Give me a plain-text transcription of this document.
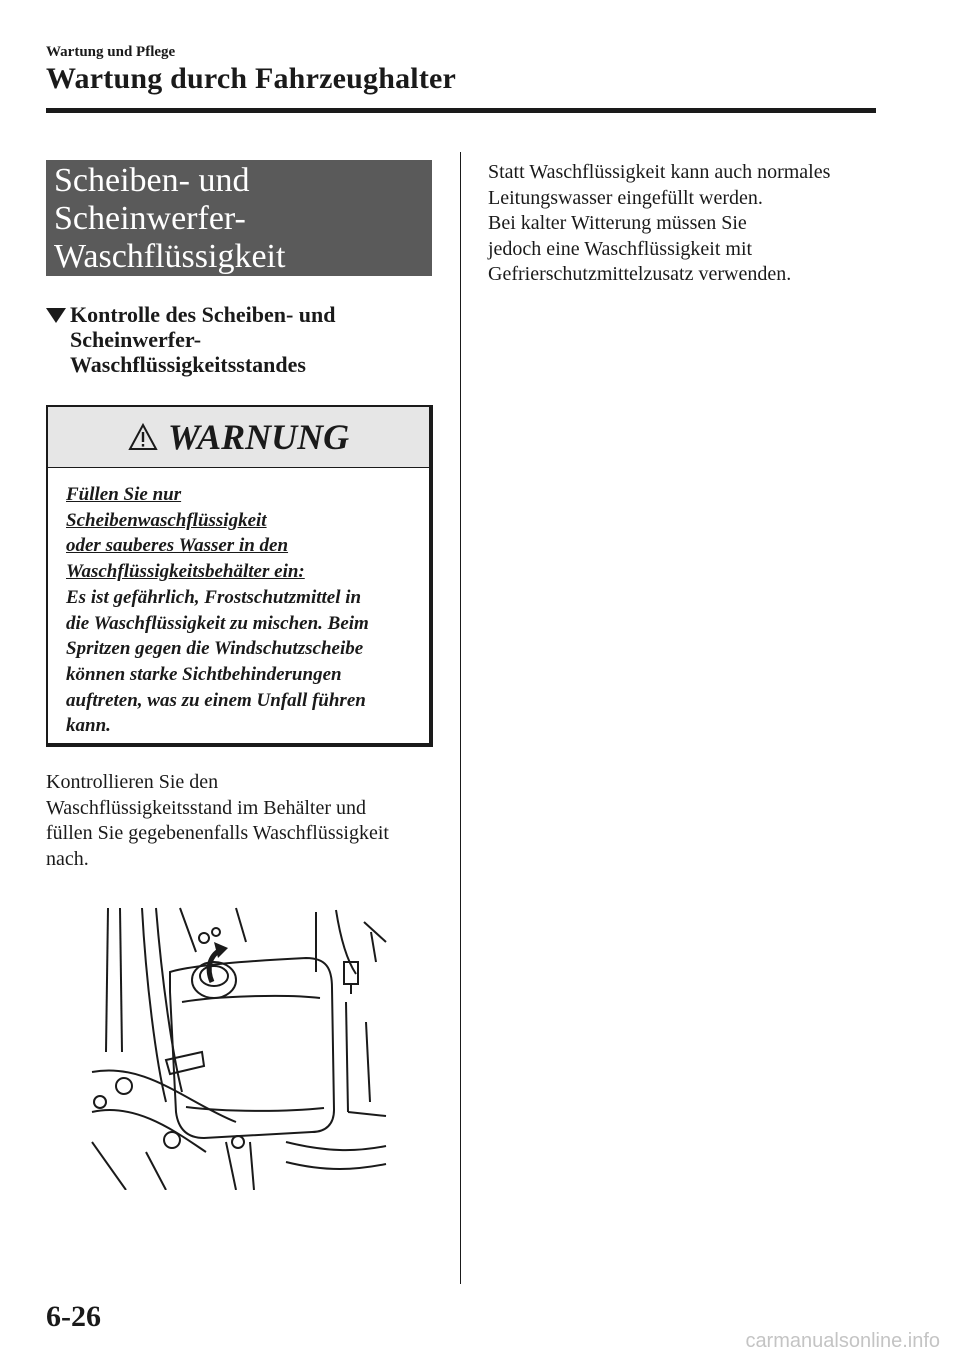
Wartung und Pflege
Wartung durch Fahrzeughalter
Scheiben- und
Scheinwerfer-
Waschflüssigkeit
Kontrolle des Scheiben- und
Scheinwerfer-
Waschflüssigkeitsstandes
WARNUNG
Füllen Sie nur
Scheibenwaschflüssigkeit
oder sauberes Wasser in den
Waschflüssigkeitsbehälter ein:
Es ist gefährlich, Frostschutzmittel in
die Waschflüssigkeit zu mischen. Beim
Spritzen gegen die Windschutzscheibe
können starke Sichtbehinderungen
auftreten, was zu einem Unfall führen
kann.
Kontrollieren Sie den
Waschflüssigkeitsstand im Behälter und
füllen Sie gegebenenfalls Waschflüssigkeit
nach.
Statt Waschflüssigkeit kann auch normales
Leitungswasser eingefüllt werden.
Bei kalter Witterung müssen Sie
jedoch eine Waschflüssigkeit mit
Gefrierschutzmittelzusatz verwenden.
6-26
carmanualsonline.info
